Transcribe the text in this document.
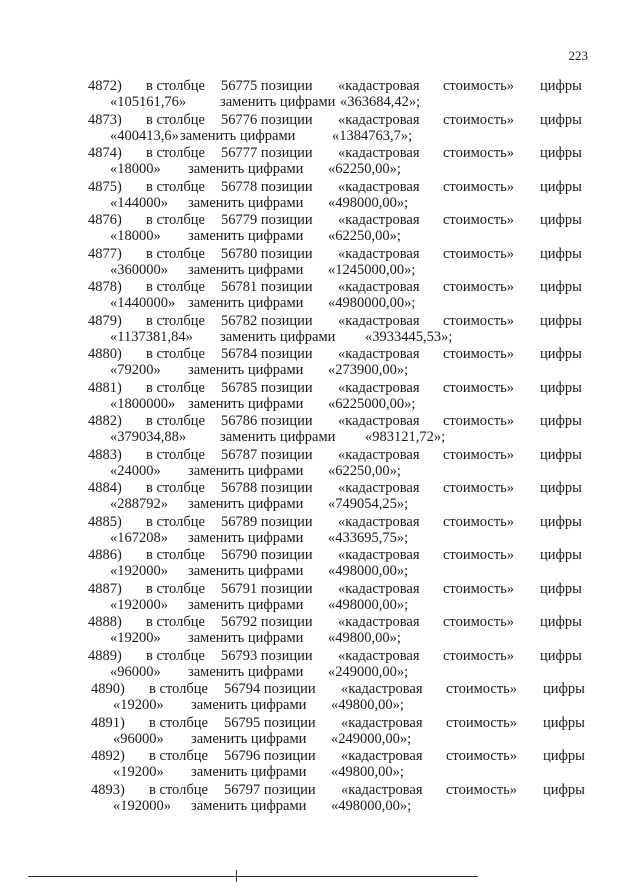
223
4872) в столбце 56775 позиции «кадастровая стоимость» цифры
«105161,76» заменить цифрами «363684,42»;
4873) в столбце 56776 позиции «кадастровая стоимость» цифры
«400413,6» заменить цифрами	«1384763,7»;
4874) в столбце 56777 позиции «кадастровая стоимость» цифры
«18000» заменить цифрами «62250,00»;
4875) в столбце 56778 позиции «кадастровая стоимость» цифры
«144000» заменить цифрами «498000,00»;
4876) в столбце 56779 позиции «кадастровая стоимость» цифры
«18000» заменить цифрами «62250,00»;
4877) в столбце 56780 позиции «кадастровая стоимость» цифры
«360000» заменить цифрами «1245000,00»;
4878) в столбце 56781 позиции «кадастровая стоимость» цифры
«1440000» заменить цифрами «4980000,00»;
4879) в столбце 56782 позиции «кадастровая стоимость» цифры
«1137381,84» заменить цифрами «3933445,53»;
4880) в столбце 56784 позиции «кадастровая стоимость» цифры
«79200» заменить цифрами «273900,00»;
4881) в столбце 56785 позиции «кадастровая стоимость» цифры
«1800000» заменить цифрами «6225000,00»;
4882) в столбце 56786 позиции «кадастровая стоимость» цифры
«379034,88» заменить цифрами «983121,72»;
4883) в столбце 56787 позиции «кадастровая стоимость» цифры
«24000» заменить цифрами «62250,00»;
4884) в столбце 56788 позиции «кадастровая стоимость» цифры
«288792» заменить цифрами «749054,25»;
4885) в столбце 56789 позиции «кадастровая стоимость» цифры
«167208» заменить цифрами «433695,75»;
4886) в столбце 56790 позиции «кадастровая стоимость» цифры
«192000» заменить цифрами «498000,00»;
4887) в столбце 56791 позиции «кадастровая стоимость» цифры
«192000» заменить цифрами «498000,00»;
4888) в столбце 56792 позиции «кадастровая стоимость» цифры
«19200» заменить цифрами «49800,00»;
4889) в столбце 56793 позиции «кадастровая стоимость» цифры
«96000» заменить цифрами «249000,00»;
4890) в столбце 56794 позиции «кадастровая стоимость» цифры
«19200» заменить цифрами «49800,00»;
4891) в столбце 56795 позиции «кадастровая стоимость» цифры
«96000» заменить цифрами «249000,00»;
4892) в столбце 56796 позиции «кадастровая стоимость» цифры
«19200» заменить цифрами «49800,00»;
4893) в столбце 56797 позиции «кадастровая стоимость» цифры
«192000» заменить цифрами «498000,00»;
